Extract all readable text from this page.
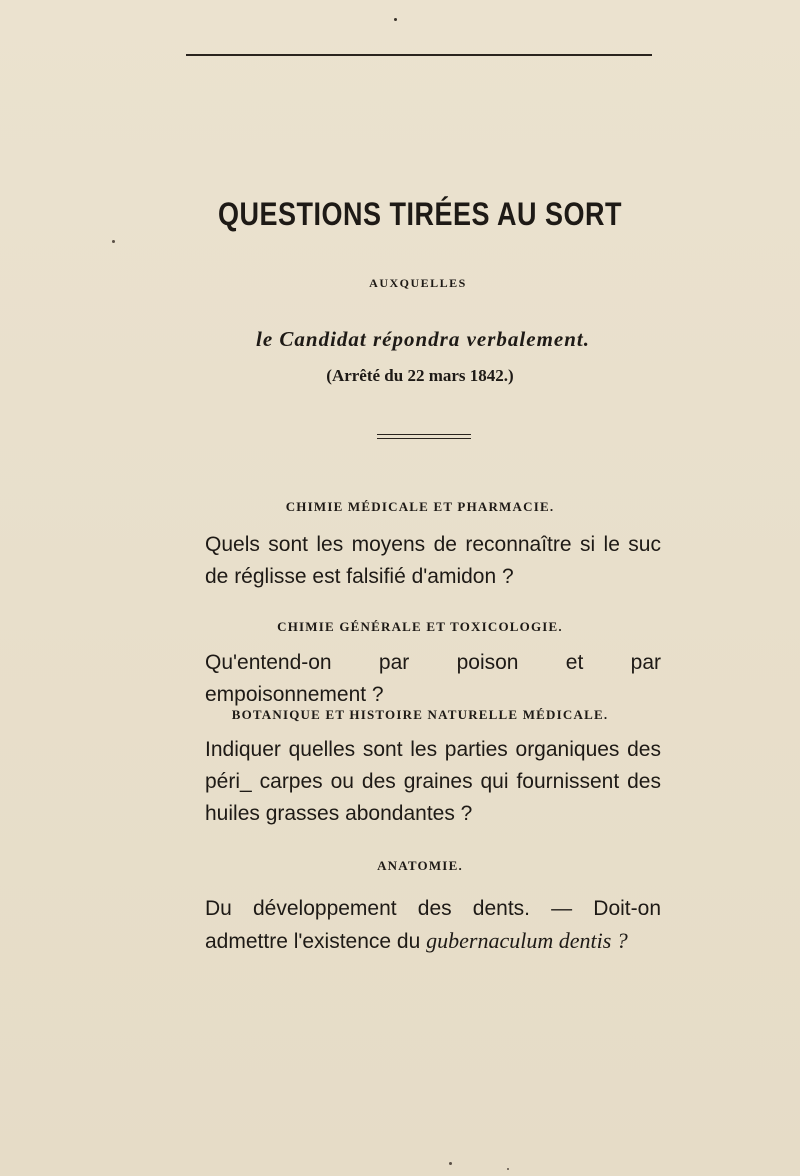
QUESTIONS TIRÉES AU SORT
AUXQUELLES
le Candidat répondra verbalement.
(Arrêté du 22 mars 1842.)
CHIMIE MÉDICALE ET PHARMACIE.
Quels sont les moyens de reconnaître si le suc de réglisse est falsifié d'amidon ?
CHIMIE GÉNÉRALE ET TOXICOLOGIE.
Qu'entend-on par poison et par empoisonnement ?
BOTANIQUE ET HISTOIRE NATURELLE MÉDICALE.
Indiquer quelles sont les parties organiques des péri_ carpes ou des graines qui fournissent des huiles grasses abondantes ?
ANATOMIE.
Du développement des dents. — Doit-on admettre l'existence du gubernaculum dentis ?
